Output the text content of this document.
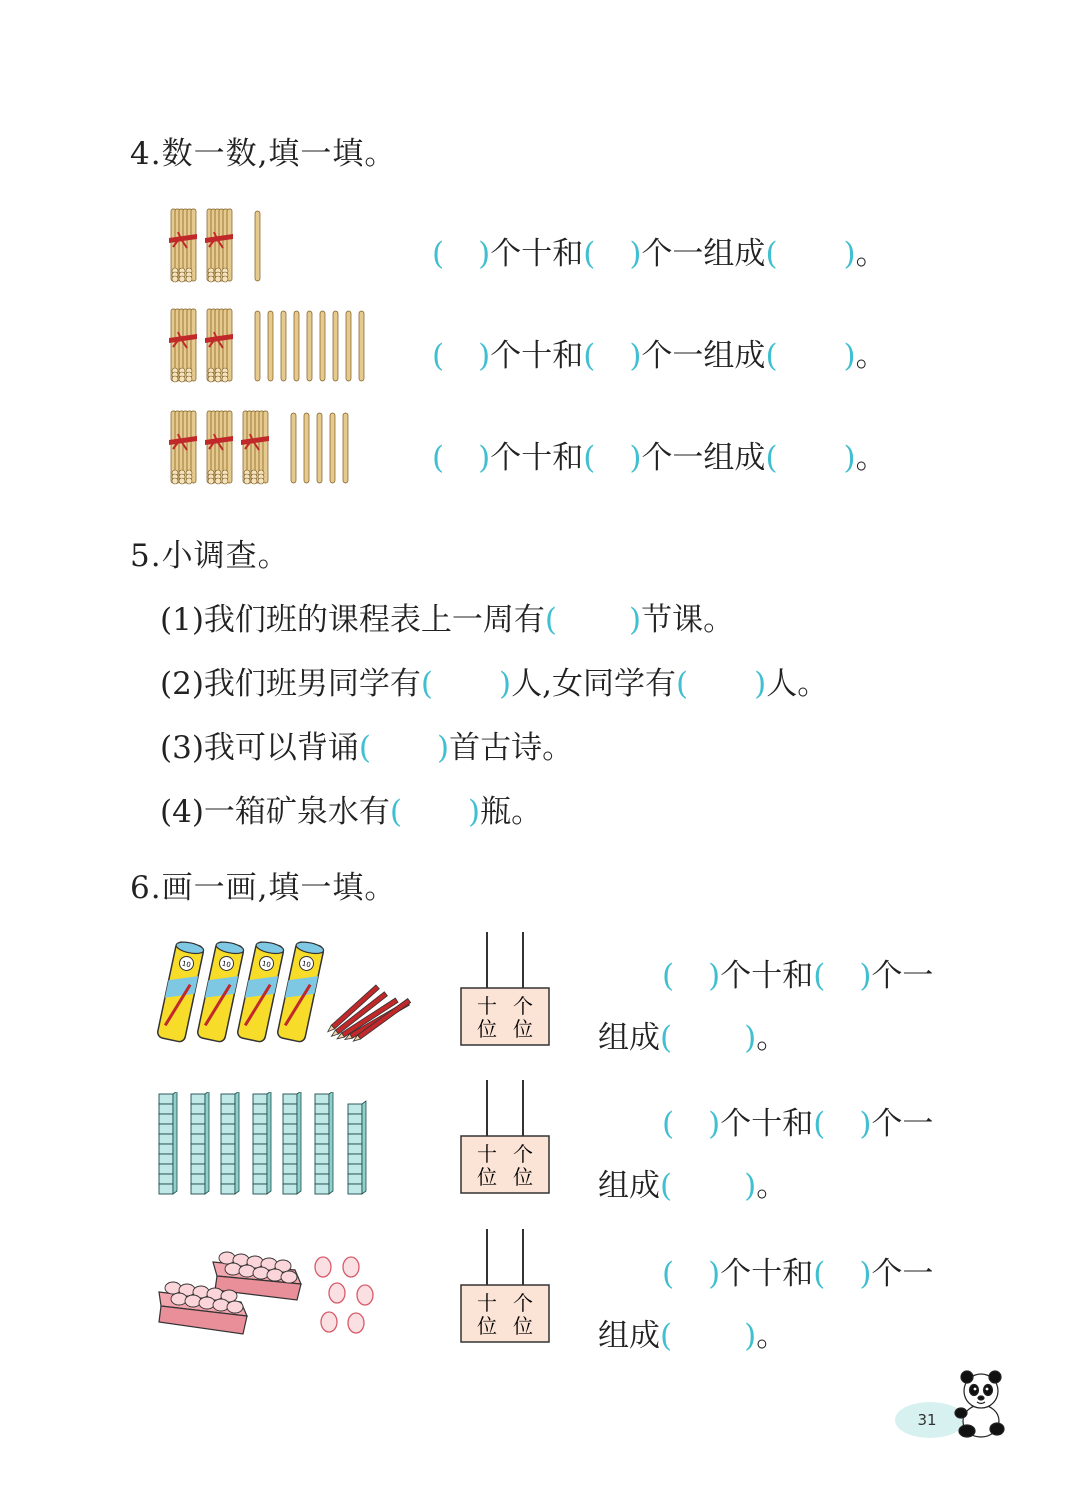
4.数一数,填一填。
( )个十和( )个一组成( )。
( )个十和( )个一组成( )。
( )个十和( )个一组成( )。
5.小调查。
(1)我们班的课程表上一周有( )节课。
(2)我们班男同学有( )人,女同学有( )人。
(3)我可以背诵( )首古诗。
(4)一箱矿泉水有( )瓶。
6.画一画,填一填。
10	10	10	10
十 个
位 位
十 个
位 位
十 个
位 位
( )个十和( )个一
组成( )。
( )个十和( )个一
组成( )。
( )个十和( )个一
组成( )。
31
